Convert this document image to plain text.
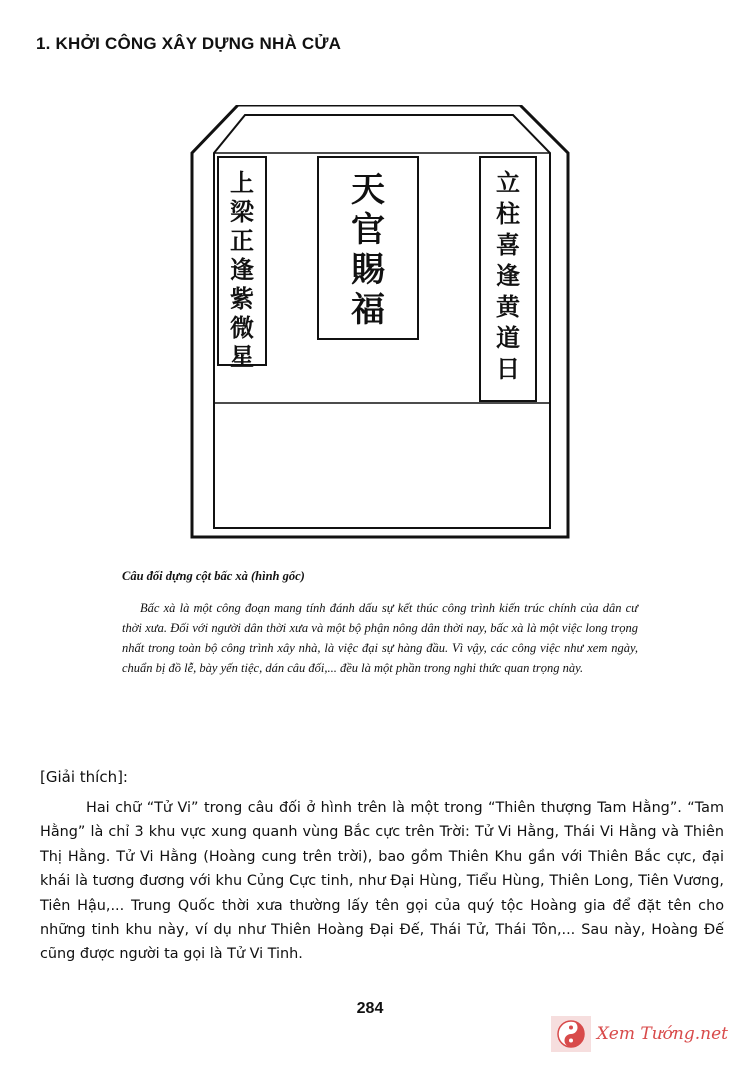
1. KHỞI CÔNG XÂY DỰNG NHÀ CỬA
上
梁
正
逢
紫
微
星
天
官
賜
福
立
柱
喜
逢
黄
道
日
Câu đối dựng cột bấc xà (hình gốc)
Bấc xà là một công đoạn mang tính đánh dấu sự kết thúc công trình kiến trúc chính của dân cư thời xưa. Đối với người dân thời xưa và một bộ phận nông dân thời nay, bấc xà là một việc long trọng nhất trong toàn bộ công trình xây nhà, là việc đại sự hàng đầu. Vì vậy, các công việc như xem ngày, chuẩn bị đồ lễ, bày yến tiệc, dán câu đối,... đều là một phần trong nghi thức quan trọng này.
[Giải thích]:
Hai chữ “Tử Vi” trong câu đối ở hình trên là một trong “Thiên thượng Tam Hằng”. “Tam Hằng” là chỉ 3 khu vực xung quanh vùng Bắc cực trên Trời: Tử Vi Hằng, Thái Vi Hằng và Thiên Thị Hằng. Tử Vi Hằng (Hoàng cung trên trời), bao gồm Thiên Khu gần với Thiên Bắc cực, đại khái là tương đương với khu Củng Cực tinh, như Đại Hùng, Tiểu Hùng, Thiên Long, Tiên Vương, Tiên Hậu,... Trung Quốc thời xưa thường lấy tên gọi của quý tộc Hoàng gia để đặt tên cho những tinh khu này, ví dụ như Thiên Hoàng Đại Đế, Thái Tử, Thái Tôn,... Sau này, Hoàng Đế cũng được người ta gọi là Tử Vi Tinh.
284
Xem Tướng.net
